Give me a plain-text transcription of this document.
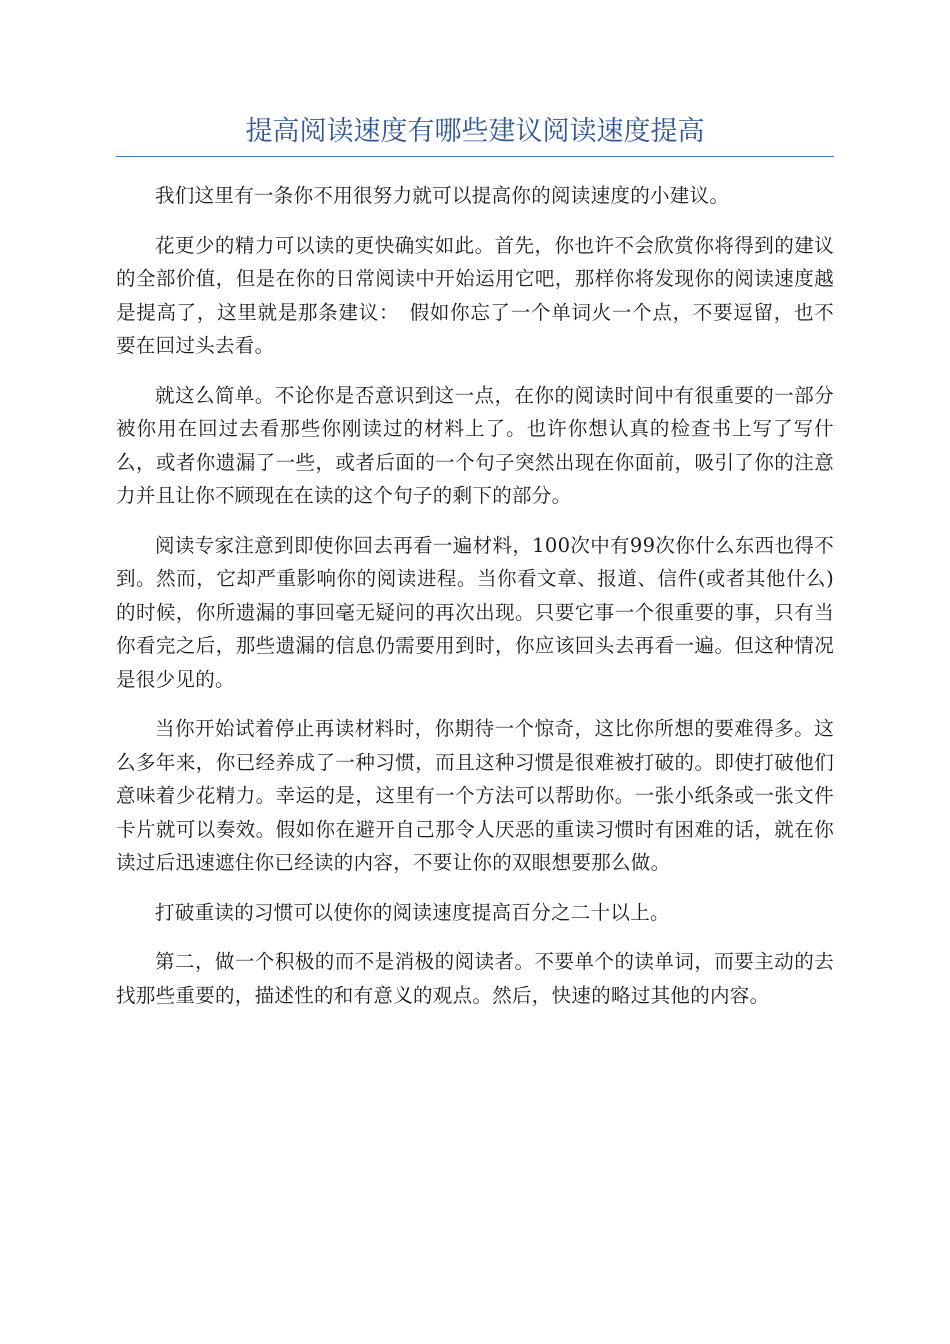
提高阅读速度有哪些建议阅读速度提高

我们这里有一条你不用很努力就可以提高你的阅读速度的小建议。

花更少的精力可以读的更快确实如此。首先，你也许不会欣赏你将得到的建议的全部价值，但是在你的日常阅读中开始运用它吧，那样你将发现你的阅读速度越是提高了，这里就是那条建议：　假如你忘了一个单词火一个点，不要逗留，也不要在回过头去看。

就这么简单。不论你是否意识到这一点，在你的阅读时间中有很重要的一部分被你用在回过去看那些你刚读过的材料上了。也许你想认真的检查书上写了写什么，或者你遗漏了一些，或者后面的一个句子突然出现在你面前，吸引了你的注意力并且让你不顾现在在读的这个句子的剩下的部分。

阅读专家注意到即使你回去再看一遍材料，100次中有99次你什么东西也得不到。然而，它却严重影响你的阅读进程。当你看文章、报道、信件(或者其他什么)的时候，你所遗漏的事回毫无疑问的再次出现。只要它事一个很重要的事，只有当你看完之后，那些遗漏的信息仍需要用到时，你应该回头去再看一遍。但这种情况是很少见的。

当你开始试着停止再读材料时，你期待一个惊奇，这比你所想的要难得多。这么多年来，你已经养成了一种习惯，而且这种习惯是很难被打破的。即使打破他们意味着少花精力。幸运的是，这里有一个方法可以帮助你。一张小纸条或一张文件卡片就可以奏效。假如你在避开自己那令人厌恶的重读习惯时有困难的话，就在你读过后迅速遮住你已经读的内容，不要让你的双眼想要那么做。

打破重读的习惯可以使你的阅读速度提高百分之二十以上。

第二，做一个积极的而不是消极的阅读者。不要单个的读单词，而要主动的去找那些重要的，描述性的和有意义的观点。然后，快速的略过其他的内容。
